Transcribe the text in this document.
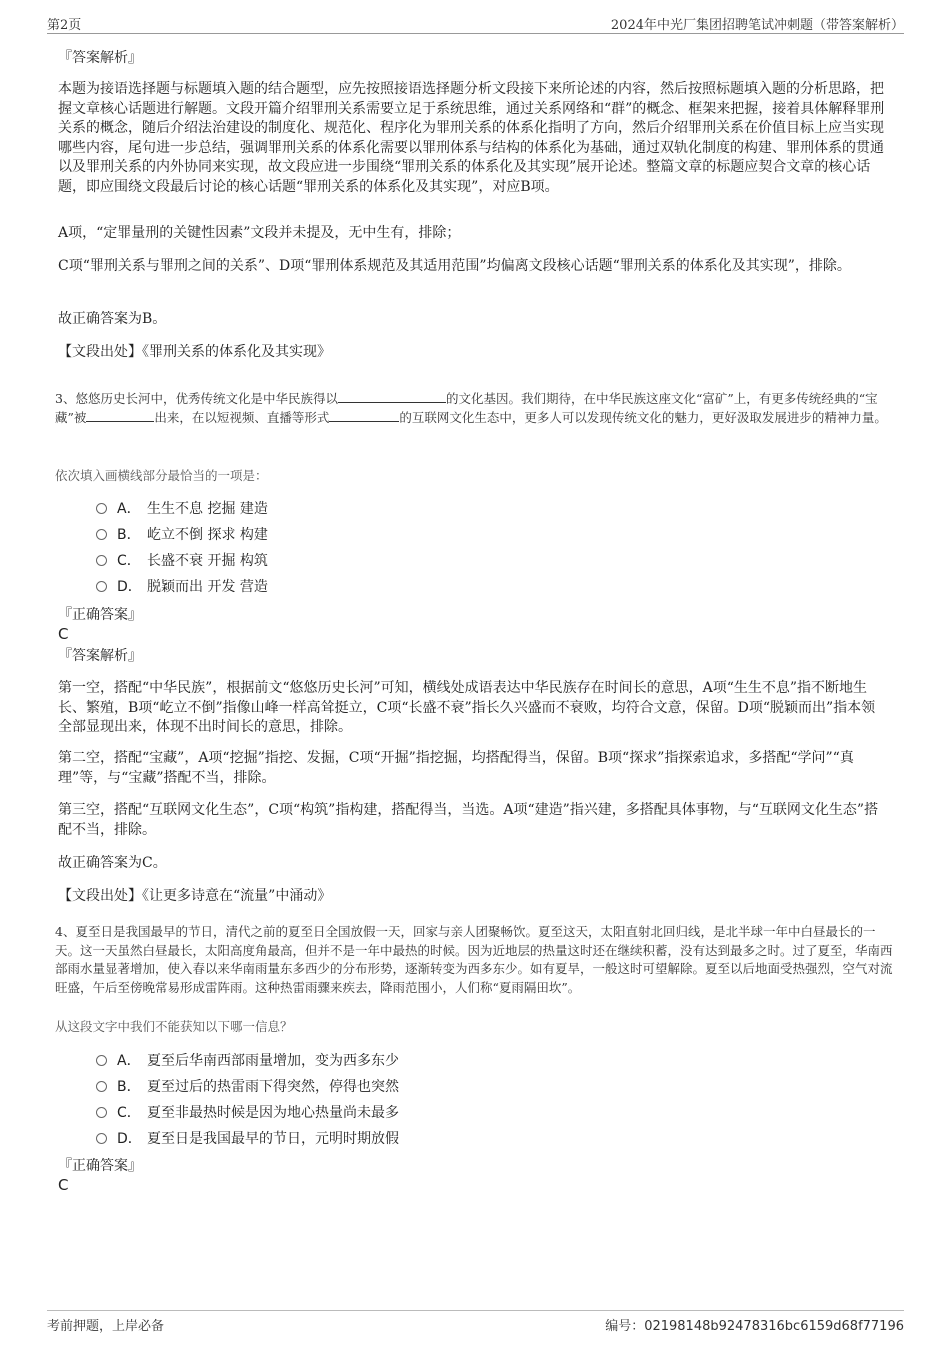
第2页	2024年中光厂集团招聘笔试冲刺题（带答案解析）
『答案解析』

本题为接语选择题与标题填入题的结合题型，应先按照接语选择题分析文段接下来所论述的内容，然后按照标题填入题的分析思路，把握文章核心话题进行解题。文段开篇介绍罪刑关系需要立足于系统思维，通过关系网络和“群”的概念、框架来把握，接着具体解释罪刑关系的概念，随后介绍法治建设的制度化、规范化、程序化为罪刑关系的体系化指明了方向，然后介绍罪刑关系在价值目标上应当实现哪些内容，尾句进一步总结，强调罪刑关系的体系化需要以罪刑体系与结构的体系化为基础，通过双轨化制度的构建、罪刑体系的贯通以及罪刑关系的内外协同来实现，故文段应进一步围绕“罪刑关系的体系化及其实现”展开论述。整篇文章的标题应契合文章的核心话题，即应围绕文段最后讨论的核心话题“罪刑关系的体系化及其实现”，对应B项。

A项，“定罪量刑的关键性因素”文段并未提及，无中生有，排除；

C项“罪刑关系与罪刑之间的关系”、D项“罪刑体系规范及其适用范围”均偏离文段核心话题“罪刑关系的体系化及其实现”，排除。

故正确答案为B。

【文段出处】《罪刑关系的体系化及其实现》

3、悠悠历史长河中，优秀传统文化是中华民族得以	的文化基因。我们期待，在中华民族这座文化“富矿”上，有更多传统经典的“宝藏”被	出来，在以短视频、直播等形式	的互联网文化生态中，更多人可以发现传统文化的魅力，更好汲取发展进步的精神力量。

依次填入画横线部分最恰当的一项是：
A． 生生不息 挖掘 建造
B． 屹立不倒 探求 构建
C． 长盛不衰 开掘 构筑
D． 脱颖而出 开发 营造
『正确答案』
C
『答案解析』

第一空，搭配“中华民族”，根据前文“悠悠历史长河”可知，横线处成语表达中华民族存在时间长的意思，A项“生生不息”指不断地生长、繁殖，B项“屹立不倒”指像山峰一样高耸挺立，C项“长盛不衰”指长久兴盛而不衰败，均符合文意，保留。D项“脱颖而出”指本领全部显现出来，体现不出时间长的意思，排除。

第二空，搭配“宝藏”，A项“挖掘”指挖、发掘，C项“开掘”指挖掘，均搭配得当，保留。B项“探求”指探索追求，多搭配“学问”“真理”等，与“宝藏”搭配不当，排除。

第三空，搭配“互联网文化生态”，C项“构筑”指构建，搭配得当，当选。A项“建造”指兴建，多搭配具体事物，与“互联网文化生态”搭配不当，排除。

故正确答案为C。

【文段出处】《让更多诗意在“流量”中涌动》

4、夏至日是我国最早的节日，清代之前的夏至日全国放假一天，回家与亲人团聚畅饮。夏至这天，太阳直射北回归线，是北半球一年中白昼最长的一天。这一天虽然白昼最长，太阳高度角最高，但并不是一年中最热的时候。因为近地层的热量这时还在继续积蓄，没有达到最多之时。过了夏至，华南西部雨水量显著增加，使入春以来华南雨量东多西少的分布形势，逐渐转变为西多东少。如有夏旱，一般这时可望解除。夏至以后地面受热强烈，空气对流旺盛，午后至傍晚常易形成雷阵雨。这种热雷雨骤来疾去，降雨范围小，人们称“夏雨隔田坎”。

从这段文字中我们不能获知以下哪一信息？
A． 夏至后华南西部雨量增加，变为西多东少
B． 夏至过后的热雷雨下得突然，停得也突然
C． 夏至非最热时候是因为地心热量尚未最多
D． 夏至日是我国最早的节日，元明时期放假
『正确答案』
C
考前押题，上岸必备	编号：02198148b92478316bc6159d68f77196
